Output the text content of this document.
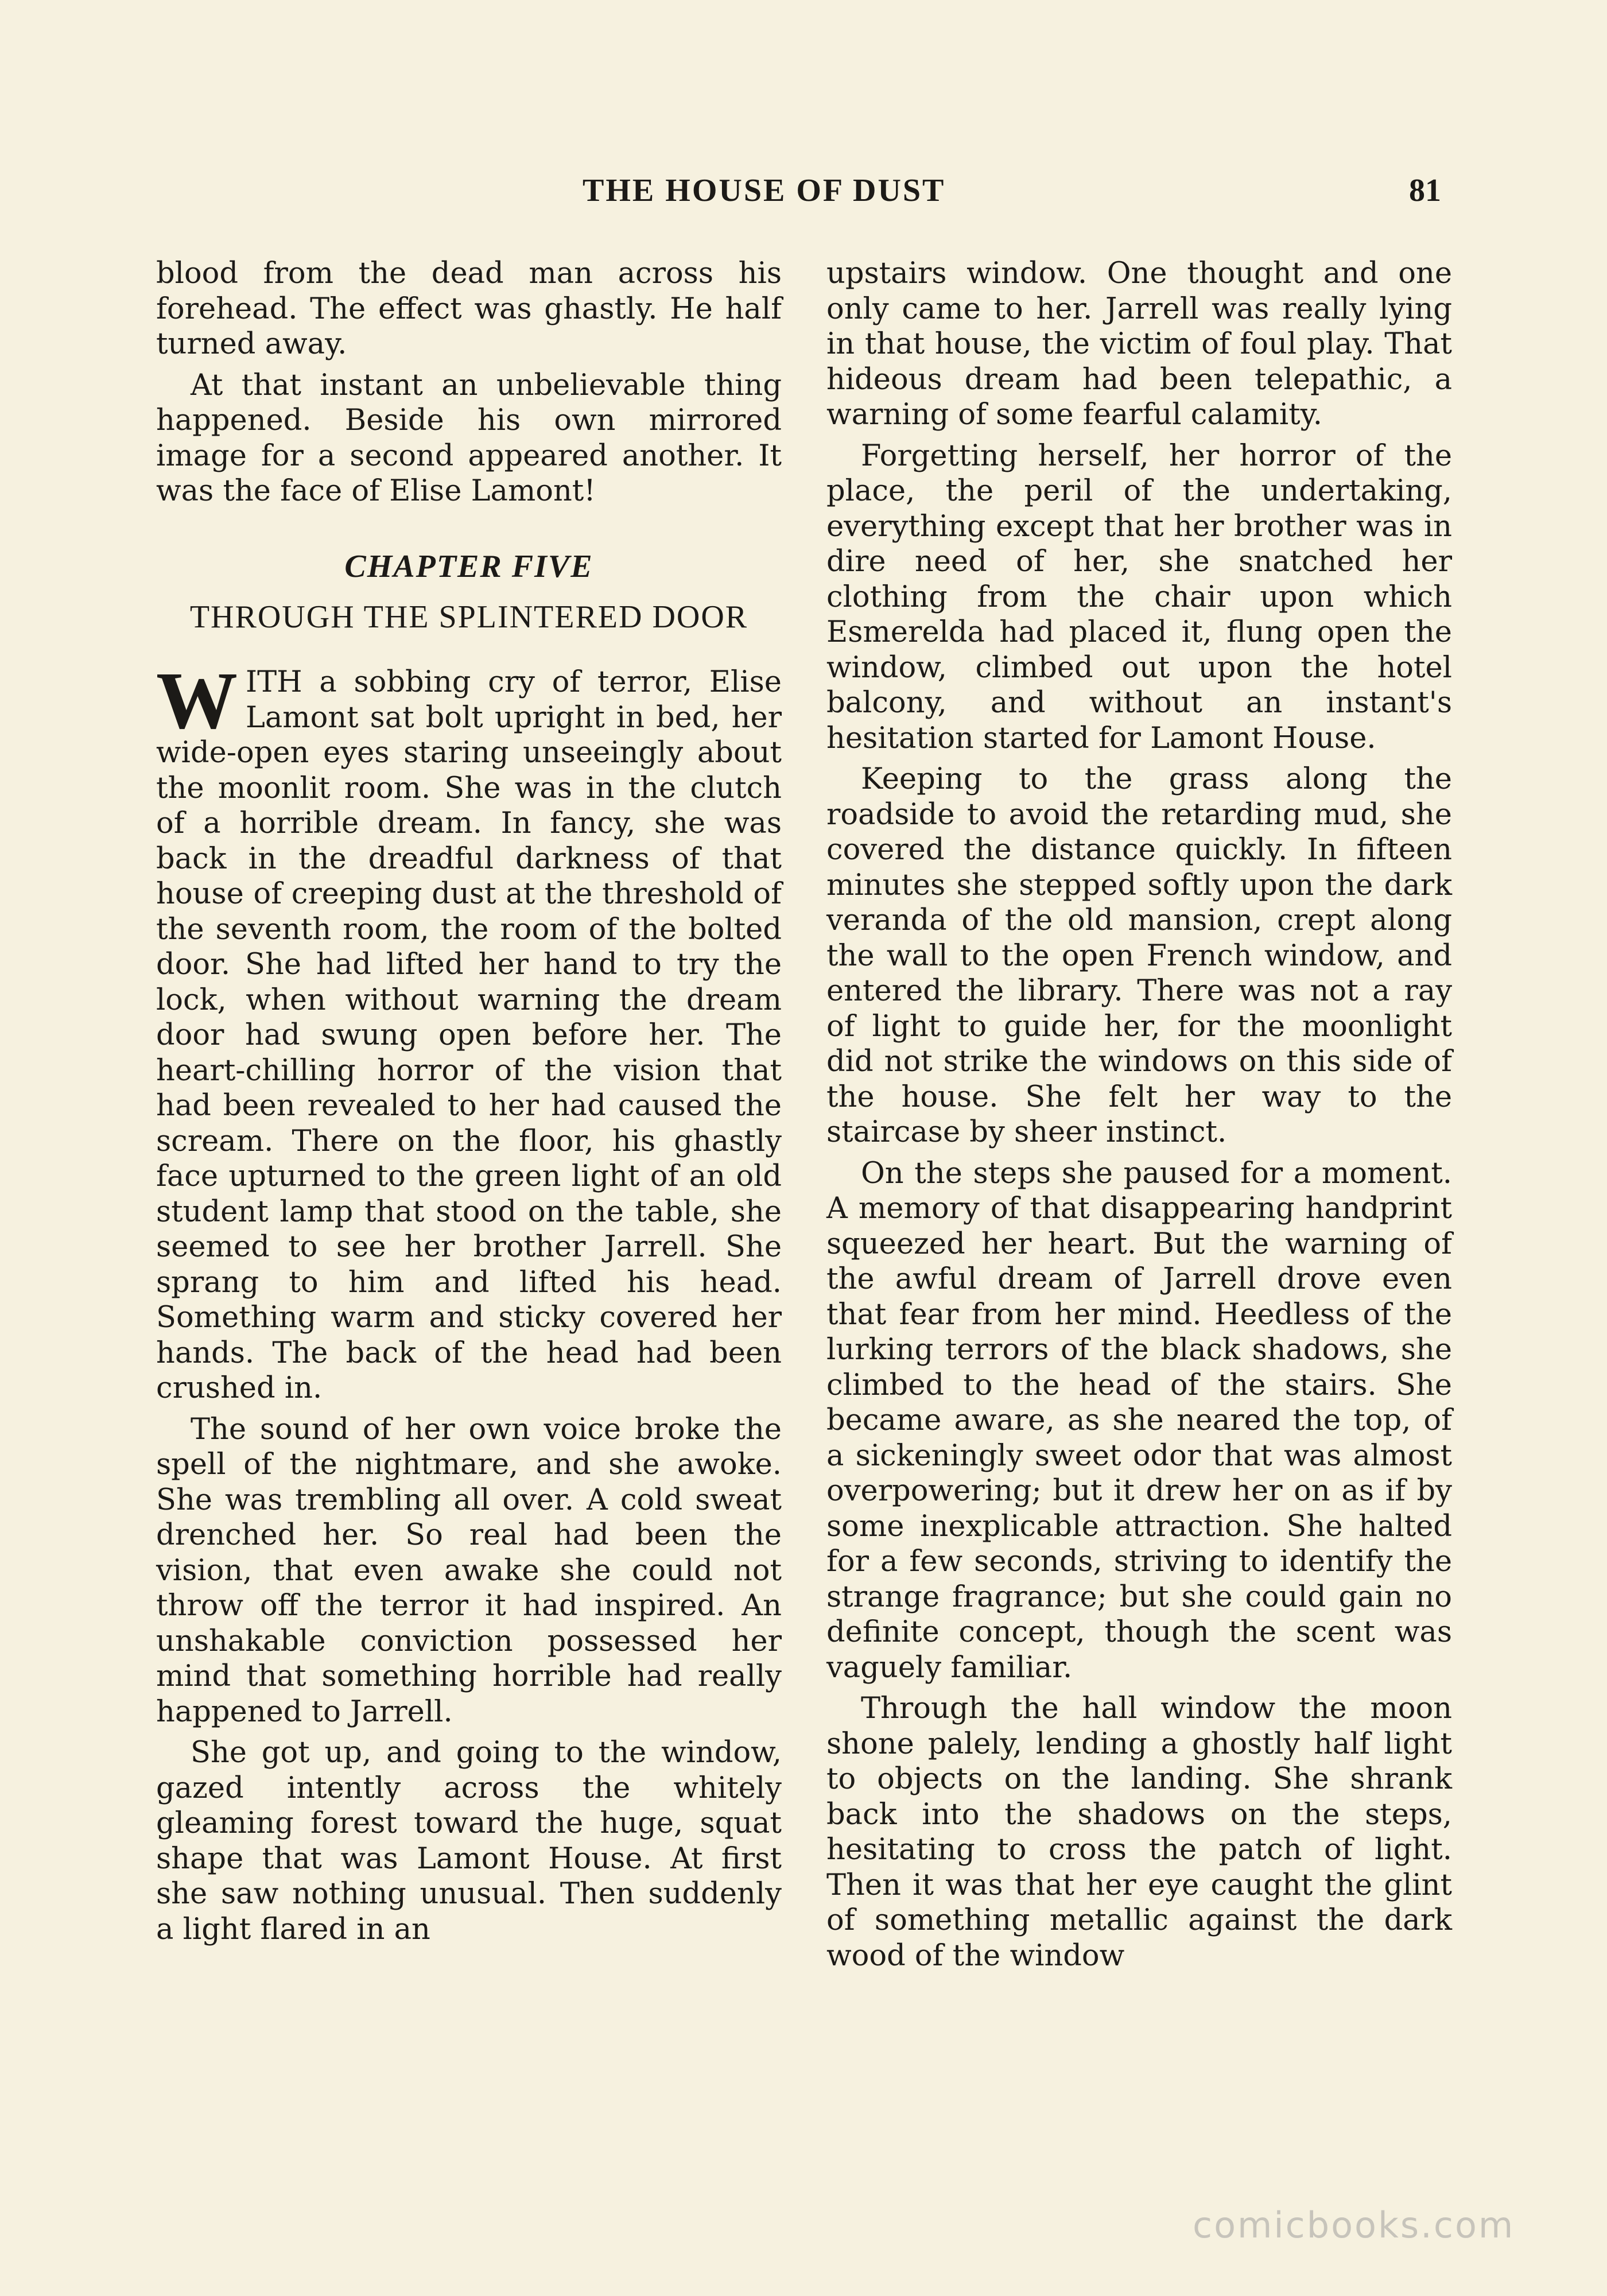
THE HOUSE OF DUST	81

blood from the dead man across his forehead. The effect was ghastly. He half turned away.

At that instant an unbelievable thing happened. Beside his own mirrored image for a second appeared another. It was the face of Elise Lamont!

CHAPTER FIVE
THROUGH THE SPLINTERED DOOR

WITH a sobbing cry of terror, Elise Lamont sat bolt upright in bed, her wide-open eyes staring unseeingly about the moonlit room. She was in the clutch of a horrible dream. In fancy, she was back in the dreadful darkness of that house of creeping dust at the threshold of the seventh room, the room of the bolted door. She had lifted her hand to try the lock, when without warning the dream door had swung open before her. The heart-chilling horror of the vision that had been revealed to her had caused the scream. There on the floor, his ghastly face upturned to the green light of an old student lamp that stood on the table, she seemed to see her brother Jarrell. She sprang to him and lifted his head. Something warm and sticky covered her hands. The back of the head had been crushed in.

The sound of her own voice broke the spell of the nightmare, and she awoke. She was trembling all over. A cold sweat drenched her. So real had been the vision, that even awake she could not throw off the terror it had inspired. An unshakable conviction possessed her mind that something horrible had really happened to Jarrell.

She got up, and going to the window, gazed intently across the whitely gleaming forest toward the huge, squat shape that was Lamont House. At first she saw nothing unusual. Then suddenly a light flared in an

upstairs window. One thought and one only came to her. Jarrell was really lying in that house, the victim of foul play. That hideous dream had been telepathic, a warning of some fearful calamity.

Forgetting herself, her horror of the place, the peril of the undertaking, everything except that her brother was in dire need of her, she snatched her clothing from the chair upon which Esmerelda had placed it, flung open the window, climbed out upon the hotel balcony, and without an instant's hesitation started for Lamont House.

Keeping to the grass along the roadside to avoid the retarding mud, she covered the distance quickly. In fifteen minutes she stepped softly upon the dark veranda of the old mansion, crept along the wall to the open French window, and entered the library. There was not a ray of light to guide her, for the moonlight did not strike the windows on this side of the house. She felt her way to the staircase by sheer instinct.

On the steps she paused for a moment. A memory of that disappearing handprint squeezed her heart. But the warning of the awful dream of Jarrell drove even that fear from her mind. Heedless of the lurking terrors of the black shadows, she climbed to the head of the stairs. She became aware, as she neared the top, of a sickeningly sweet odor that was almost overpowering; but it drew her on as if by some inexplicable attraction. She halted for a few seconds, striving to identify the strange fragrance; but she could gain no definite concept, though the scent was vaguely familiar.

Through the hall window the moon shone palely, lending a ghostly half light to objects on the landing. She shrank back into the shadows on the steps, hesitating to cross the patch of light. Then it was that her eye caught the glint of something metallic against the dark wood of the window

comicbooks.com
